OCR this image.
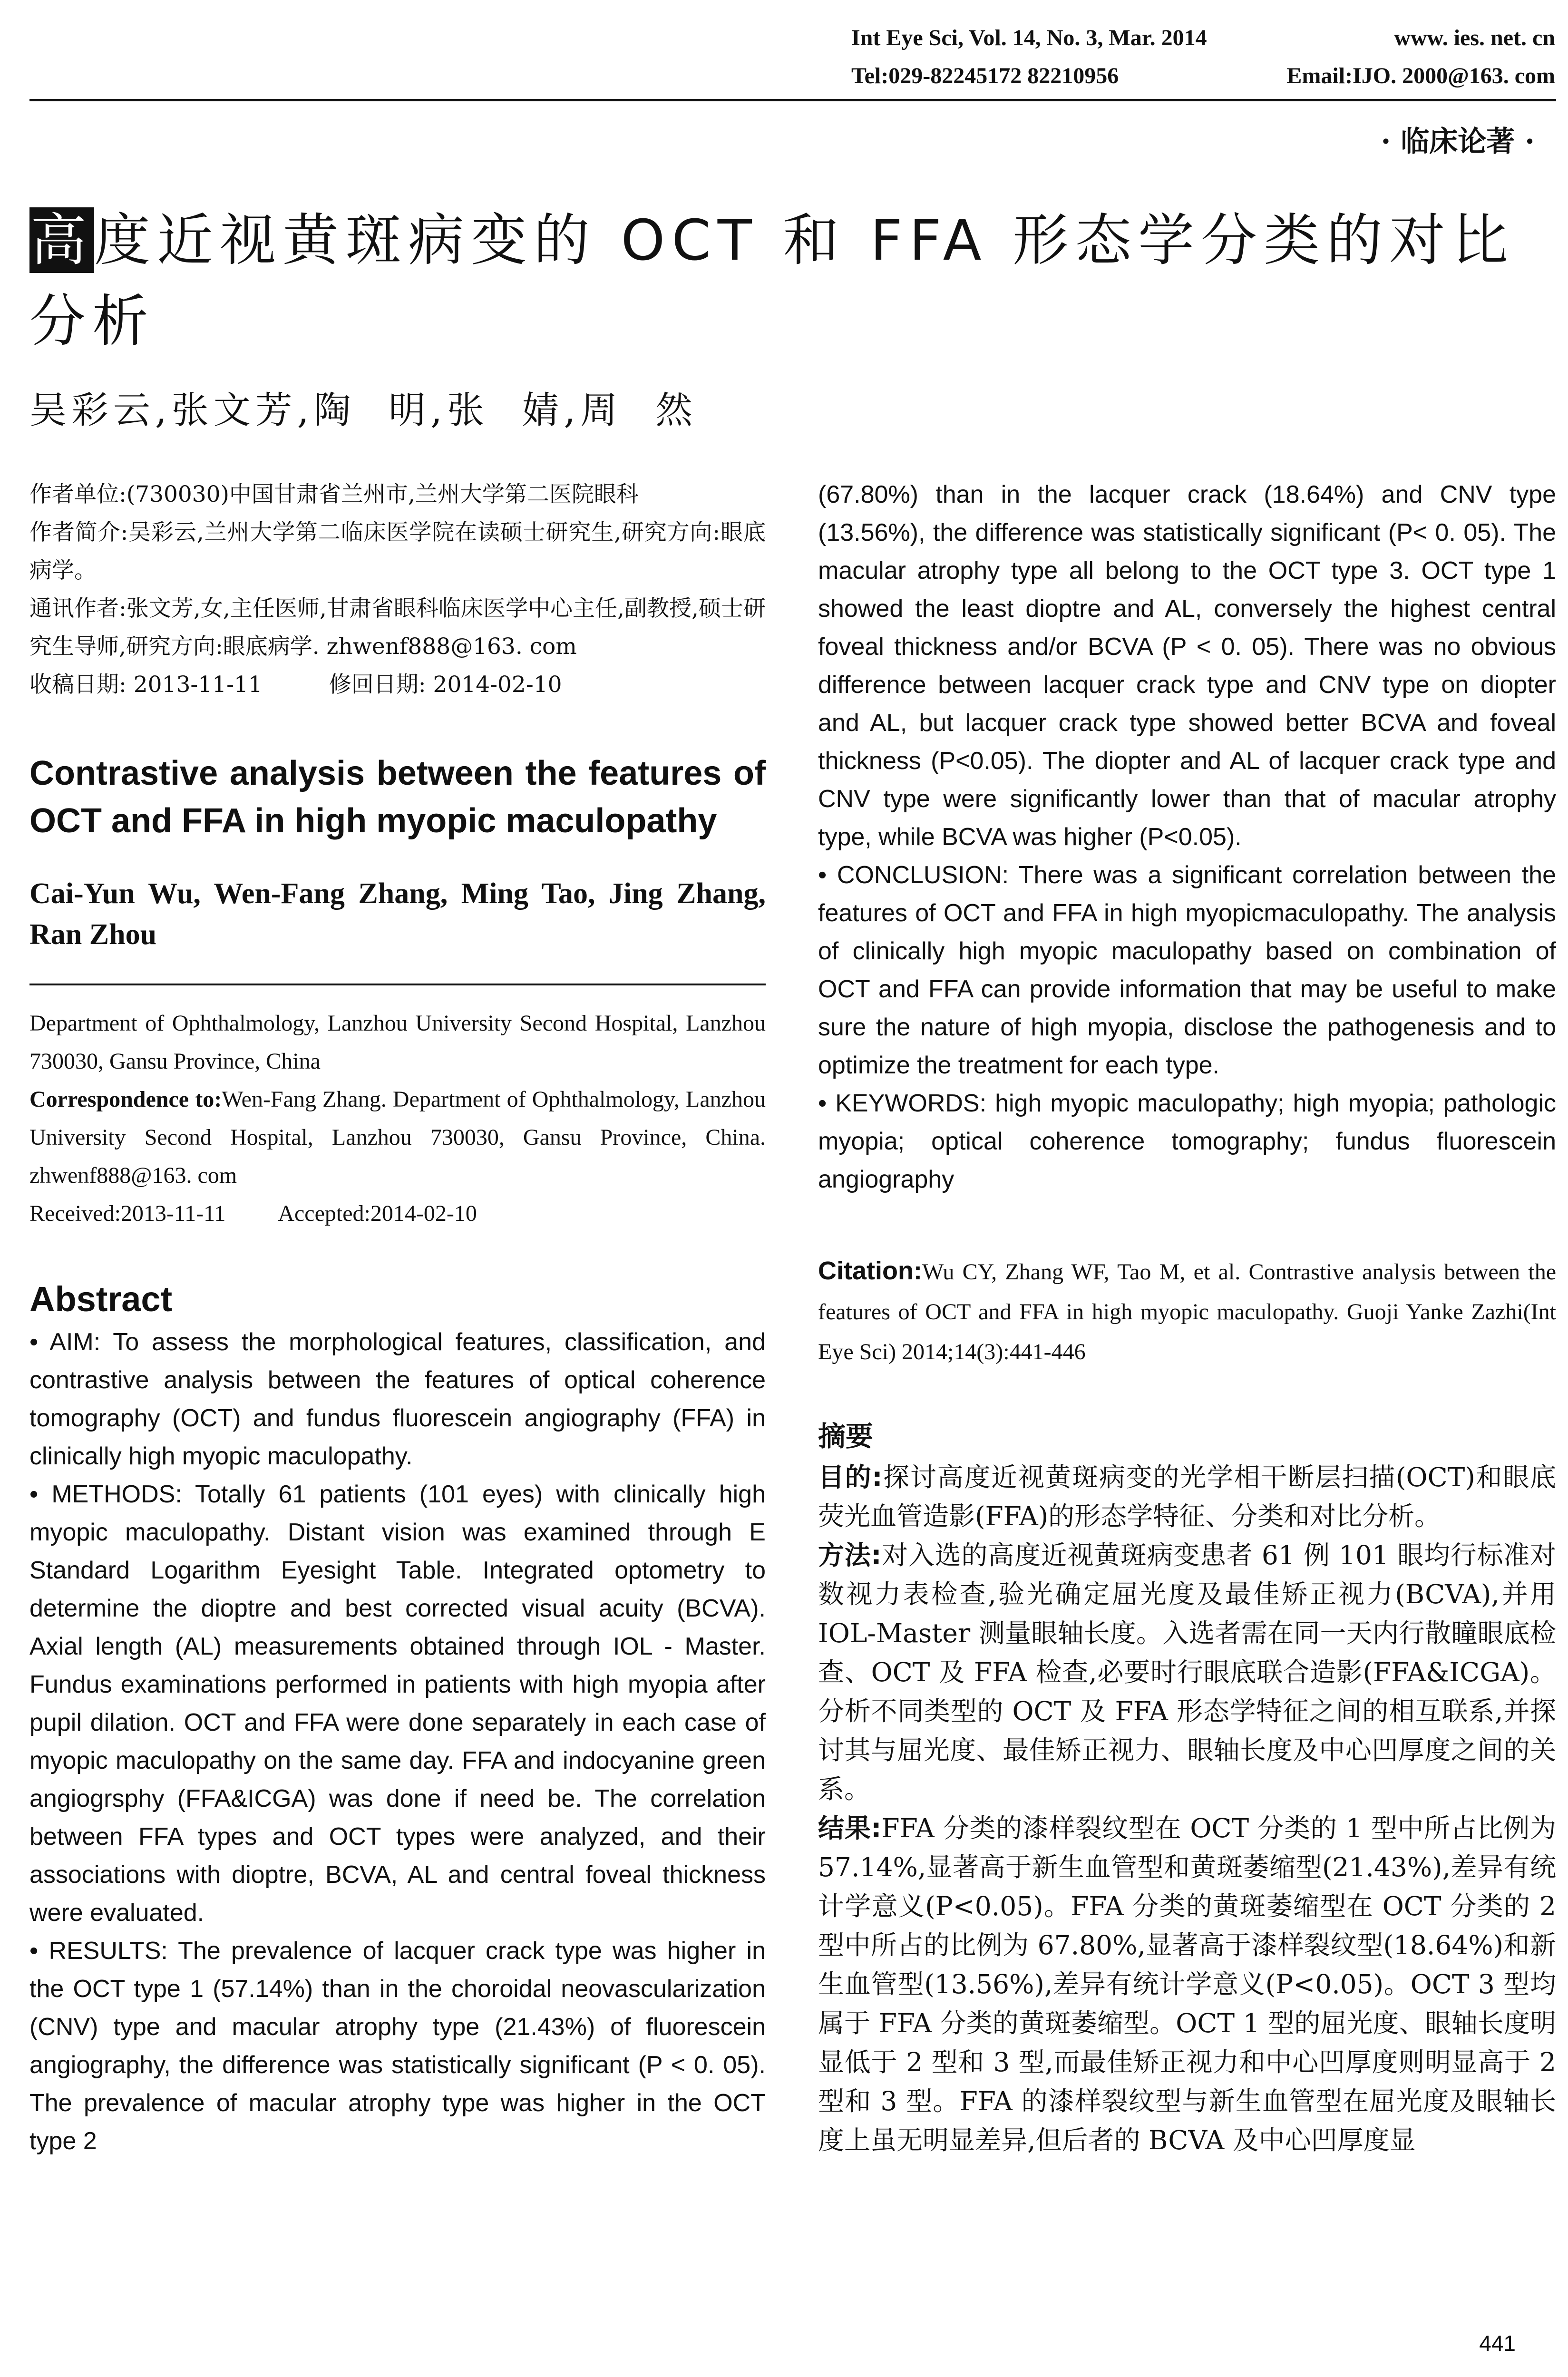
Int Eye Sci, Vol. 14, No. 3, Mar. 2014	www. ies. net. cn
Tel:029-82245172 82210956	Email:IJO. 2000@163. com
· 临床论著 ·
高度近视黄斑病变的 OCT 和 FFA 形态学分类的对比分析
吴彩云,张文芳,陶  明,张  婧,周  然

作者单位:(730030)中国甘肃省兰州市,兰州大学第二医院眼科

作者简介:吴彩云,兰州大学第二临床医学院在读硕士研究生,研究方向:眼底病学。

通讯作者:张文芳,女,主任医师,甘肃省眼科临床医学中心主任,副教授,硕士研究生导师,研究方向:眼底病学. zhwenf888@163. com

收稿日期: 2013-11-11	修回日期: 2014-02-10
Contrastive analysis between the features of OCT and FFA in high myopic maculopathy
Cai-Yun Wu, Wen-Fang Zhang, Ming Tao, Jing Zhang, Ran Zhou

Department of Ophthalmology, Lanzhou University Second Hospital, Lanzhou 730030, Gansu Province, China

Correspondence to:Wen-Fang Zhang. Department of Ophthalmology, Lanzhou University Second Hospital, Lanzhou 730030, Gansu Province, China. zhwenf888@163. com

Received:2013-11-11 Accepted:2014-02-10

Abstract

• AIM: To assess the morphological features, classification, and contrastive analysis between the features of optical coherence tomography (OCT) and fundus fluorescein angiography (FFA) in clinically high myopic maculopathy.

• METHODS: Totally 61 patients (101 eyes) with clinically high myopic maculopathy. Distant vision was examined through E Standard Logarithm Eyesight Table. Integrated optometry to determine the dioptre and best corrected visual acuity (BCVA). Axial length (AL) measurements obtained through IOL - Master. Fundus examinations performed in patients with high myopia after pupil dilation. OCT and FFA were done separately in each case of myopic maculopathy on the same day. FFA and indocyanine green angiogrsphy (FFA&ICGA) was done if need be. The correlation between FFA types and OCT types were analyzed, and their associations with dioptre, BCVA, AL and central foveal thickness were evaluated.

• RESULTS: The prevalence of lacquer crack type was higher in the OCT type 1 (57.14%) than in the choroidal neovascularization (CNV) type and macular atrophy type (21.43%) of fluorescein angiography, the difference was statistically significant (P < 0. 05). The prevalence of macular atrophy type was higher in the OCT type 2

(67.80%) than in the lacquer crack (18.64%) and CNV type (13.56%), the difference was statistically significant (P< 0. 05). The macular atrophy type all belong to the OCT type 3. OCT type 1 showed the least dioptre and AL, conversely the highest central foveal thickness and/or BCVA (P < 0. 05). There was no obvious difference between lacquer crack type and CNV type on diopter and AL, but lacquer crack type showed better BCVA and foveal thickness (P<0.05). The diopter and AL of lacquer crack type and CNV type were significantly lower than that of macular atrophy type, while BCVA was higher (P<0.05).

• CONCLUSION: There was a significant correlation between the features of OCT and FFA in high myopicmaculopathy. The analysis of clinically high myopic maculopathy based on combination of OCT and FFA can provide information that may be useful to make sure the nature of high myopia, disclose the pathogenesis and to optimize the treatment for each type.

• KEYWORDS: high myopic maculopathy; high myopia; pathologic myopia; optical coherence tomography; fundus fluorescein angiography

Citation:Wu CY, Zhang WF, Tao M, et al. Contrastive analysis between the features of OCT and FFA in high myopic maculopathy. Guoji Yanke Zazhi(Int Eye Sci) 2014;14(3):441-446
摘要

目的:探讨高度近视黄斑病变的光学相干断层扫描(OCT)和眼底荧光血管造影(FFA)的形态学特征、分类和对比分析。

方法:对入选的高度近视黄斑病变患者 61 例 101 眼均行标准对数视力表检查,验光确定屈光度及最佳矫正视力(BCVA),并用 IOL-Master 测量眼轴长度。入选者需在同一天内行散瞳眼底检查、OCT 及 FFA 检查,必要时行眼底联合造影(FFA&ICGA)。分析不同类型的 OCT 及 FFA 形态学特征之间的相互联系,并探讨其与屈光度、最佳矫正视力、眼轴长度及中心凹厚度之间的关系。

结果:FFA 分类的漆样裂纹型在 OCT 分类的 1 型中所占比例为 57.14%,显著高于新生血管型和黄斑萎缩型(21.43%),差异有统计学意义(P<0.05)。FFA 分类的黄斑萎缩型在 OCT 分类的 2 型中所占的比例为 67.80%,显著高于漆样裂纹型(18.64%)和新生血管型(13.56%),差异有统计学意义(P<0.05)。OCT 3 型均属于 FFA 分类的黄斑萎缩型。OCT 1 型的屈光度、眼轴长度明显低于 2 型和 3 型,而最佳矫正视力和中心凹厚度则明显高于 2 型和 3 型。FFA 的漆样裂纹型与新生血管型在屈光度及眼轴长度上虽无明显差异,但后者的 BCVA 及中心凹厚度显

441
